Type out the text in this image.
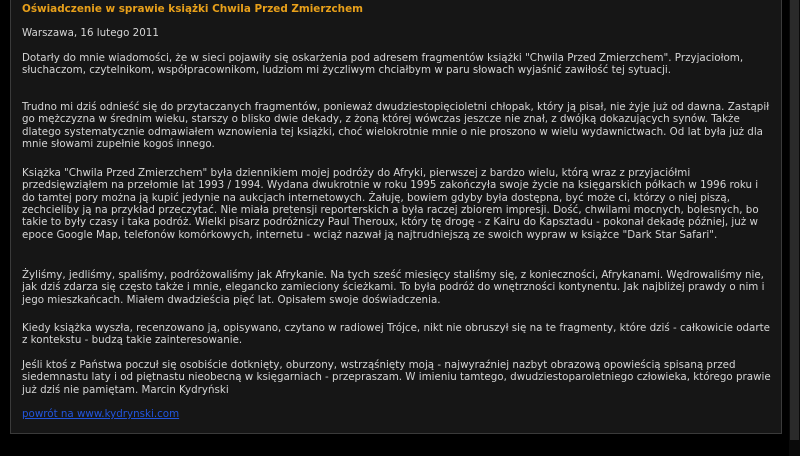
Oświadczenie w sprawie książki Chwila Przed Zmierzchem

Warszawa, 16 lutego 2011

Dotarły do mnie wiadomości, że w sieci pojawiły się oskarżenia pod adresem fragmentów książki "Chwila Przed Zmierzchem". Przyjaciołom, słuchaczom, czytelnikom, współpracownikom, ludziom mi życzliwym chciałbym w paru słowach wyjaśnić zawiłość tej sytuacji.

Trudno mi dziś odnieść się do przytaczanych fragmentów, ponieważ dwudziestopięcioletni chłopak, który ją pisał, nie żyje już od dawna. Zastąpił go mężczyzna w średnim wieku, starszy o blisko dwie dekady, z żoną której wówczas jeszcze nie znał, z dwójką dokazujących synów. Także dlatego systematycznie odmawiałem wznowienia tej książki, choć wielokrotnie mnie o nie proszono w wielu wydawnictwach. Od lat była już dla mnie słowami zupełnie kogoś innego.

Książka "Chwila Przed Zmierzchem" była dziennikiem mojej podróży do Afryki, pierwszej z bardzo wielu, którą wraz z przyjaciółmi przedsięwziąłem na przełomie lat 1993 / 1994. Wydana dwukrotnie w roku 1995 zakończyła swoje życie na księgarskich półkach w 1996 roku i do tamtej pory można ją kupić jedynie na aukcjach internetowych. Żałuję, bowiem gdyby była dostępna, być może ci, którzy o niej piszą, zechcieliby ją na przykład przeczytać. Nie miała pretensji reporterskich a była raczej zbiorem impresji. Dość, chwilami mocnych, bolesnych, bo takie to były czasy i taka podróż. Wielki pisarz podróżniczy Paul Theroux, który tę drogę - z Kairu do Kapsztadu - pokonał dekadę później, już w epoce Google Map, telefonów komórkowych, internetu - wciąż nazwał ją najtrudniejszą ze swoich wypraw w książce "Dark Star Safari".

Żyliśmy, jedliśmy, spaliśmy, podróżowaliśmy jak Afrykanie. Na tych sześć miesięcy staliśmy się, z konieczności, Afrykanami. Wędrowaliśmy nie, jak dziś zdarza się często także i mnie, elegancko zamieciony ścieżkami. To była podróż do wnętrzności kontynentu. Jak najbliżej prawdy o nim i jego mieszkańcach. Miałem dwadzieścia pięć lat. Opisałem swoje doświadczenia.

Kiedy książka wyszła, recenzowano ją, opisywano, czytano w radiowej Trójce, nikt nie obruszył się na te fragmenty, które dziś - całkowicie odarte z kontekstu - budzą takie zainteresowanie.

Jeśli ktoś z Państwa poczuł się osobiście dotknięty, oburzony, wstrząśnięty moją - najwyraźniej nazbyt obrazową opowieścią spisaną przed siedemnastu laty i od piętnastu nieobecną w księgarniach - przepraszam. W imieniu tamtego, dwudziestoparoletniego człowieka, którego prawie już dziś nie pamiętam. Marcin Kydryński

powrót na www.kydrynski.com
